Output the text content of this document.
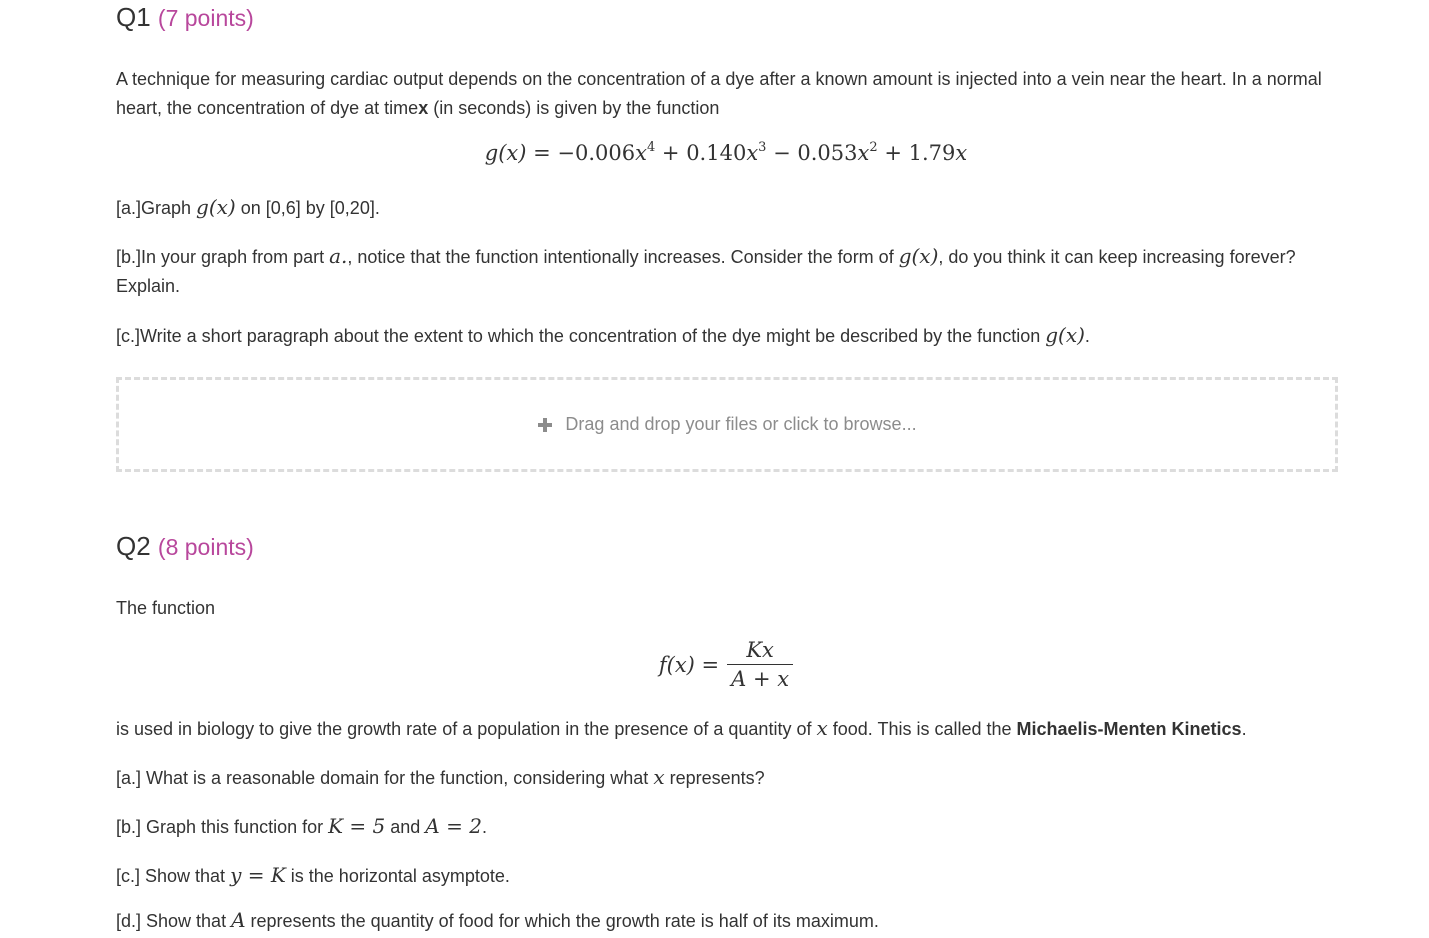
Q1 (7 points)

A technique for measuring cardiac output depends on the concentration of a dye after a known amount is injected into a vein near the heart. In a normal heart, the concentration of dye at timex (in seconds) is given by the function

$g(x) = -0.006x^4 + 0.140x^3 - 0.053x^2 + 1.79x$

[a.]Graph g(x) on [0,6] by [0,20].

[b.]In your graph from part a., notice that the function intentionally increases. Consider the form of g(x), do you think it can keep increasing forever? Explain.

[c.]Write a short paragraph about the extent to which the concentration of the dye might be described by the function g(x).

Drag and drop your files or click to browse...
Q2 (8 points)

The function

$f(x) = \frac{Kx}{A + x}$

is used in biology to give the growth rate of a population in the presence of a quantity of x food. This is called the Michaelis-Menten Kinetics.

[a.] What is a reasonable domain for the function, considering what x represents?

[b.] Graph this function for K = 5 and A = 2.

[c.] Show that y = K is the horizontal asymptote.

[d.] Show that A represents the quantity of food for which the growth rate is half of its maximum.
